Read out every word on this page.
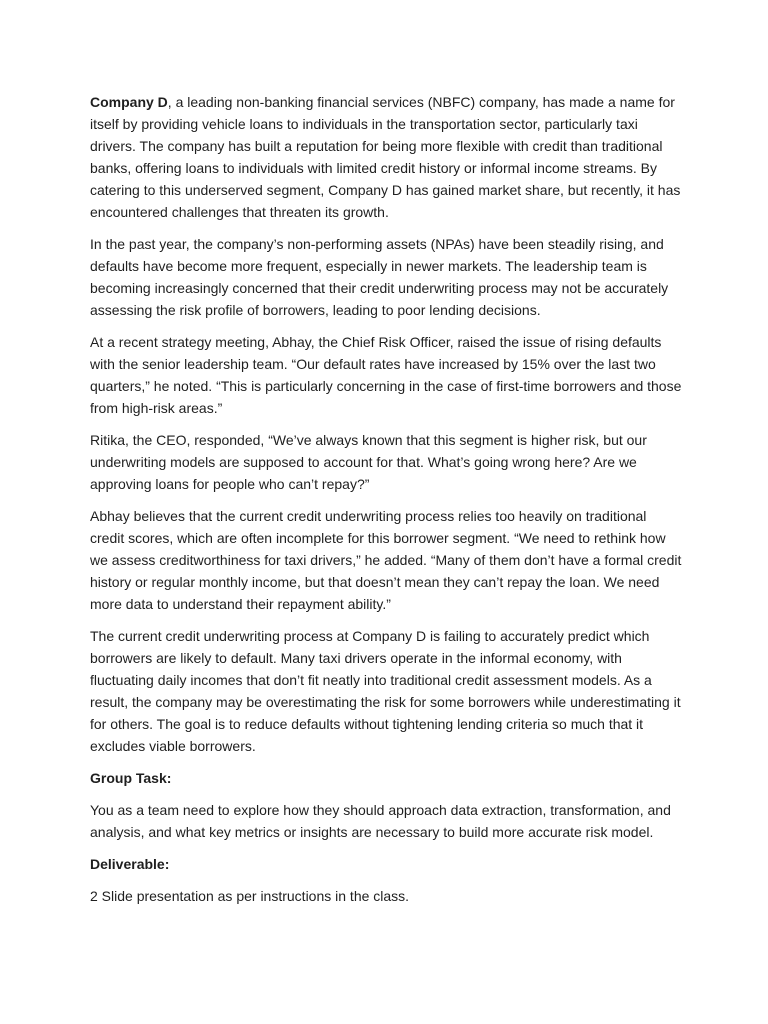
Company D, a leading non-banking financial services (NBFC) company, has made a name for itself by providing vehicle loans to individuals in the transportation sector, particularly taxi drivers. The company has built a reputation for being more flexible with credit than traditional banks, offering loans to individuals with limited credit history or informal income streams. By catering to this underserved segment, Company D has gained market share, but recently, it has encountered challenges that threaten its growth.

In the past year, the company’s non-performing assets (NPAs) have been steadily rising, and defaults have become more frequent, especially in newer markets. The leadership team is becoming increasingly concerned that their credit underwriting process may not be accurately assessing the risk profile of borrowers, leading to poor lending decisions.

At a recent strategy meeting, Abhay, the Chief Risk Officer, raised the issue of rising defaults with the senior leadership team. “Our default rates have increased by 15% over the last two quarters,” he noted. “This is particularly concerning in the case of first-time borrowers and those from high-risk areas.”

Ritika, the CEO, responded, “We’ve always known that this segment is higher risk, but our underwriting models are supposed to account for that. What’s going wrong here? Are we approving loans for people who can’t repay?”

Abhay believes that the current credit underwriting process relies too heavily on traditional credit scores, which are often incomplete for this borrower segment. “We need to rethink how we assess creditworthiness for taxi drivers,” he added. “Many of them don’t have a formal credit history or regular monthly income, but that doesn’t mean they can’t repay the loan. We need more data to understand their repayment ability.”

The current credit underwriting process at Company D is failing to accurately predict which borrowers are likely to default. Many taxi drivers operate in the informal economy, with fluctuating daily incomes that don’t fit neatly into traditional credit assessment models. As a result, the company may be overestimating the risk for some borrowers while underestimating it for others. The goal is to reduce defaults without tightening lending criteria so much that it excludes viable borrowers.

Group Task:

You as a team need to explore how they should approach data extraction, transformation, and analysis, and what key metrics or insights are necessary to build more accurate risk model.

Deliverable:

2 Slide presentation as per instructions in the class.
